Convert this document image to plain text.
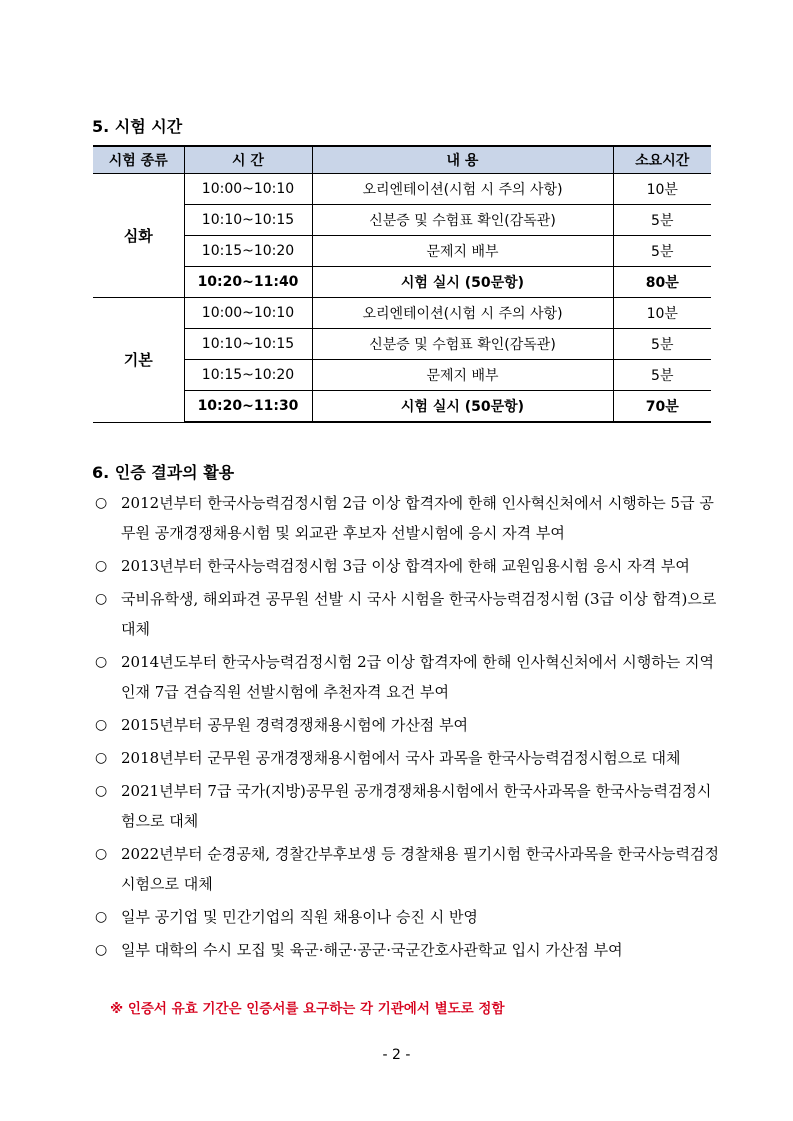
5. 시험 시간
시험 종류	시 간	내 용	소요시간
심화	10:00~10:10	오리엔테이션(시험 시 주의 사항)	10분
	10:10~10:15	신분증 및 수험표 확인(감독관)	5분
	10:15~10:20	문제지 배부	5분
	10:20~11:40	시험 실시 (50문항)	80분
기본	10:00~10:10	오리엔테이션(시험 시 주의 사항)	10분
	10:10~10:15	신분증 및 수험표 확인(감독관)	5분
	10:15~10:20	문제지 배부	5분
	10:20~11:30	시험 실시 (50문항)	70분
6. 인증 결과의 활용
○ 2012년부터 한국사능력검정시험 2급 이상 합격자에 한해 인사혁신처에서 시행하는 5급 공무원 공개경쟁채용시험 및 외교관 후보자 선발시험에 응시 자격 부여
○ 2013년부터 한국사능력검정시험 3급 이상 합격자에 한해 교원임용시험 응시 자격 부여
○ 국비유학생, 해외파견 공무원 선발 시 국사 시험을 한국사능력검정시험 (3급 이상 합격)으로 대체
○ 2014년도부터 한국사능력검정시험 2급 이상 합격자에 한해 인사혁신처에서 시행하는 지역인재 7급 견습직원 선발시험에 추천자격 요건 부여
○ 2015년부터 공무원 경력경쟁채용시험에 가산점 부여
○ 2018년부터 군무원 공개경쟁채용시험에서 국사 과목을 한국사능력검정시험으로 대체
○ 2021년부터 7급 국가(지방)공무원 공개경쟁채용시험에서 한국사과목을 한국사능력검정시험으로 대체
○ 2022년부터 순경공채, 경찰간부후보생 등 경찰채용 필기시험 한국사과목을 한국사능력검정시험으로 대체
○ 일부 공기업 및 민간기업의 직원 채용이나 승진 시 반영
○ 일부 대학의 수시 모집 및 육군·해군·공군·국군간호사관학교 입시 가산점 부여
※ 인증서 유효 기간은 인증서를 요구하는 각 기관에서 별도로 정함
- 2 -
